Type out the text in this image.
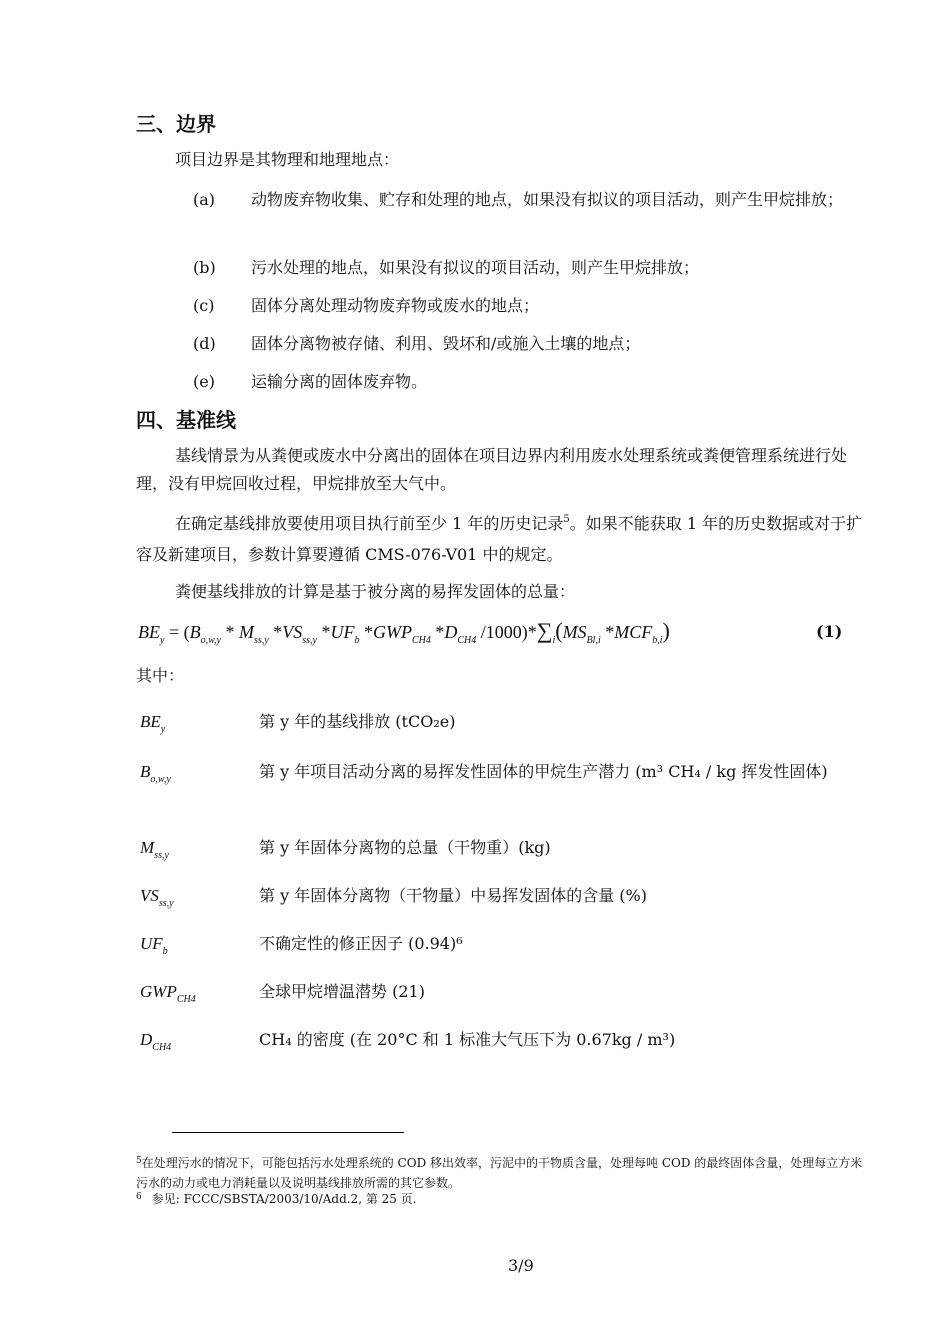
三、边界
项目边界是其物理和地理地点：
(a) 动物废弃物收集、贮存和处理的地点，如果没有拟议的项目活动，则产生甲烷排放；
(b) 污水处理的地点，如果没有拟议的项目活动，则产生甲烷排放；
(c) 固体分离处理动物废弃物或废水的地点；
(d) 固体分离物被存储、利用、毁坏和/或施入土壤的地点；
(e) 运输分离的固体废弃物。
四、基准线
基线情景为从粪便或废水中分离出的固体在项目边界内利用废水处理系统或粪便管理系统进行处理，没有甲烷回收过程，甲烷排放至大气中。
在确定基线排放要使用项目执行前至少 1 年的历史记录$^5$。如果不能获取 1 年的历史数据或对于扩容及新建项目，参数计算要遵循 CMS-076-V01 中的规定。
粪便基线排放的计算是基于被分离的易挥发固体的总量：
$BE_y = (B_{o,w,y} * M_{ss,y}$ $*VS_{ss,y}$ $*UF_b$ $*GWP_{CH4}$ $*D_{CH4}$ $/1000)*\sum_i(MS_{Bl,i}$ $*MCF_{b,i}$)	(1)
其中：
$BE_y$	第 y 年的基线排放 (tCO₂e)
$B_{o,w,y}$	第 y 年项目活动分离的易挥发性固体的甲烷生产潜力 (m³ CH₄ / kg 挥发性固体)
$M_{ss,y}$	第 y 年固体分离物的总量（干物重）(kg)
$VS_{ss,y}$	第 y 年固体分离物（干物量）中易挥发固体的含量 (%)
$UF_b$	不确定性的修正因子 (0.94)⁶
$GWP_{CH4}$	全球甲烷增温潜势 (21)
$D_{CH4}$	CH₄ 的密度 (在 20°C 和 1 标准大气压下为 0.67kg / m³)
$^5$在处理污水的情况下，可能包括污水处理系统的 COD 移出效率，污泥中的干物质含量，处理每吨 COD 的最终固体含量，处理每立方米污水的动力或电力消耗量以及说明基线排放所需的其它参数。
$^6$ 参见: FCCC/SBSTA/2003/10/Add.2, 第 25 页.
3/9
